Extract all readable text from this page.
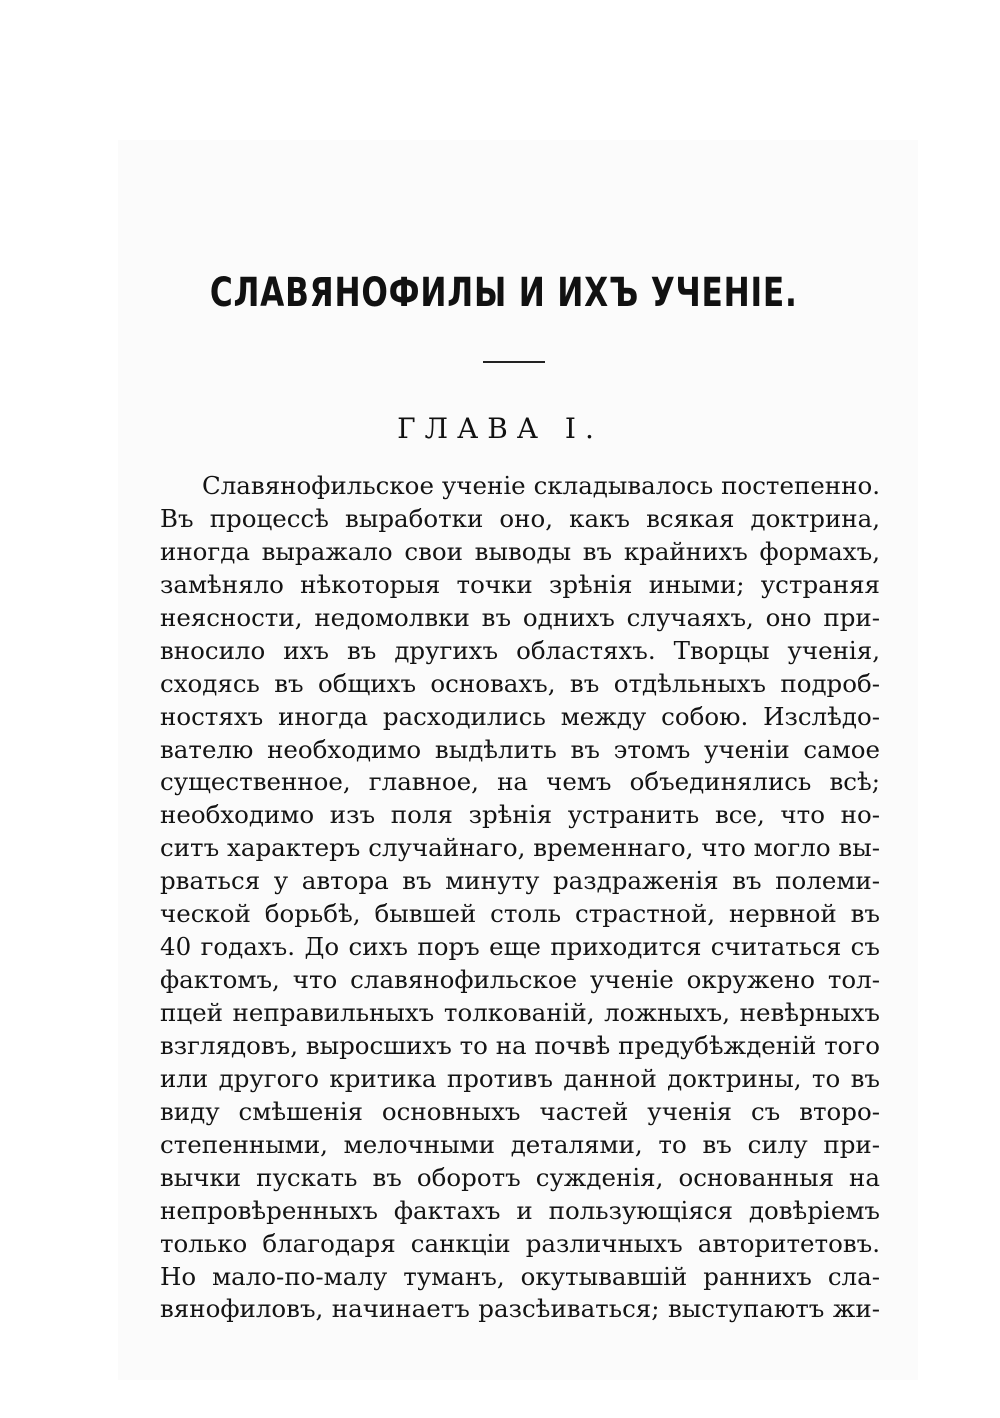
СЛАВЯНОФИЛЫ И ИХЪ УЧЕНIЕ.
ГЛАВА I.
Славянофильское ученiе складывалось постепенно.
Въ процессѣ выработки оно, какъ всякая доктрина,
иногда выражало свои выводы въ крайнихъ формахъ,
замѣняло нѣкоторыя точки зрѣнiя иными; устраняя
неясности, недомолвки въ однихъ случаяхъ, оно при-
вносило ихъ въ другихъ областяхъ. Творцы ученiя,
сходясь въ общихъ основахъ, въ отдѣльныхъ подроб-
ностяхъ иногда расходились между собою. Изслѣдо-
вателю необходимо выдѣлить въ этомъ ученiи самое
существенное, главное, на чемъ объединялись всѣ;
необходимо изъ поля зрѣнiя устранить все, что но-
ситъ характеръ случайнаго, временнаго, что могло вы-
рваться у автора въ минуту раздраженiя въ полеми-
ческой борьбѣ, бывшей столь страстной, нервной въ
40 годахъ. До сихъ поръ еще приходится считаться съ
фактомъ, что славянофильское ученiе окружено тол-
пцей неправильныхъ толкованiй, ложныхъ, невѣрныхъ
взглядовъ, выросшихъ то на почвѣ предубѣжденiй того
или другого критика противъ данной доктрины, то въ
виду смѣшенiя основныхъ частей ученiя съ второ-
степенными, мелочными деталями, то въ силу при-
вычки пускать въ оборотъ сужденiя, основанныя на
непровѣренныхъ фактахъ и пользующiяся довѣрiемъ
только благодаря санкцiи различныхъ авторитетовъ.
Но мало-по-малу туманъ, окутывавшiй раннихъ сла-
вянофиловъ, начинаетъ разсѣиваться; выступаютъ жи-
